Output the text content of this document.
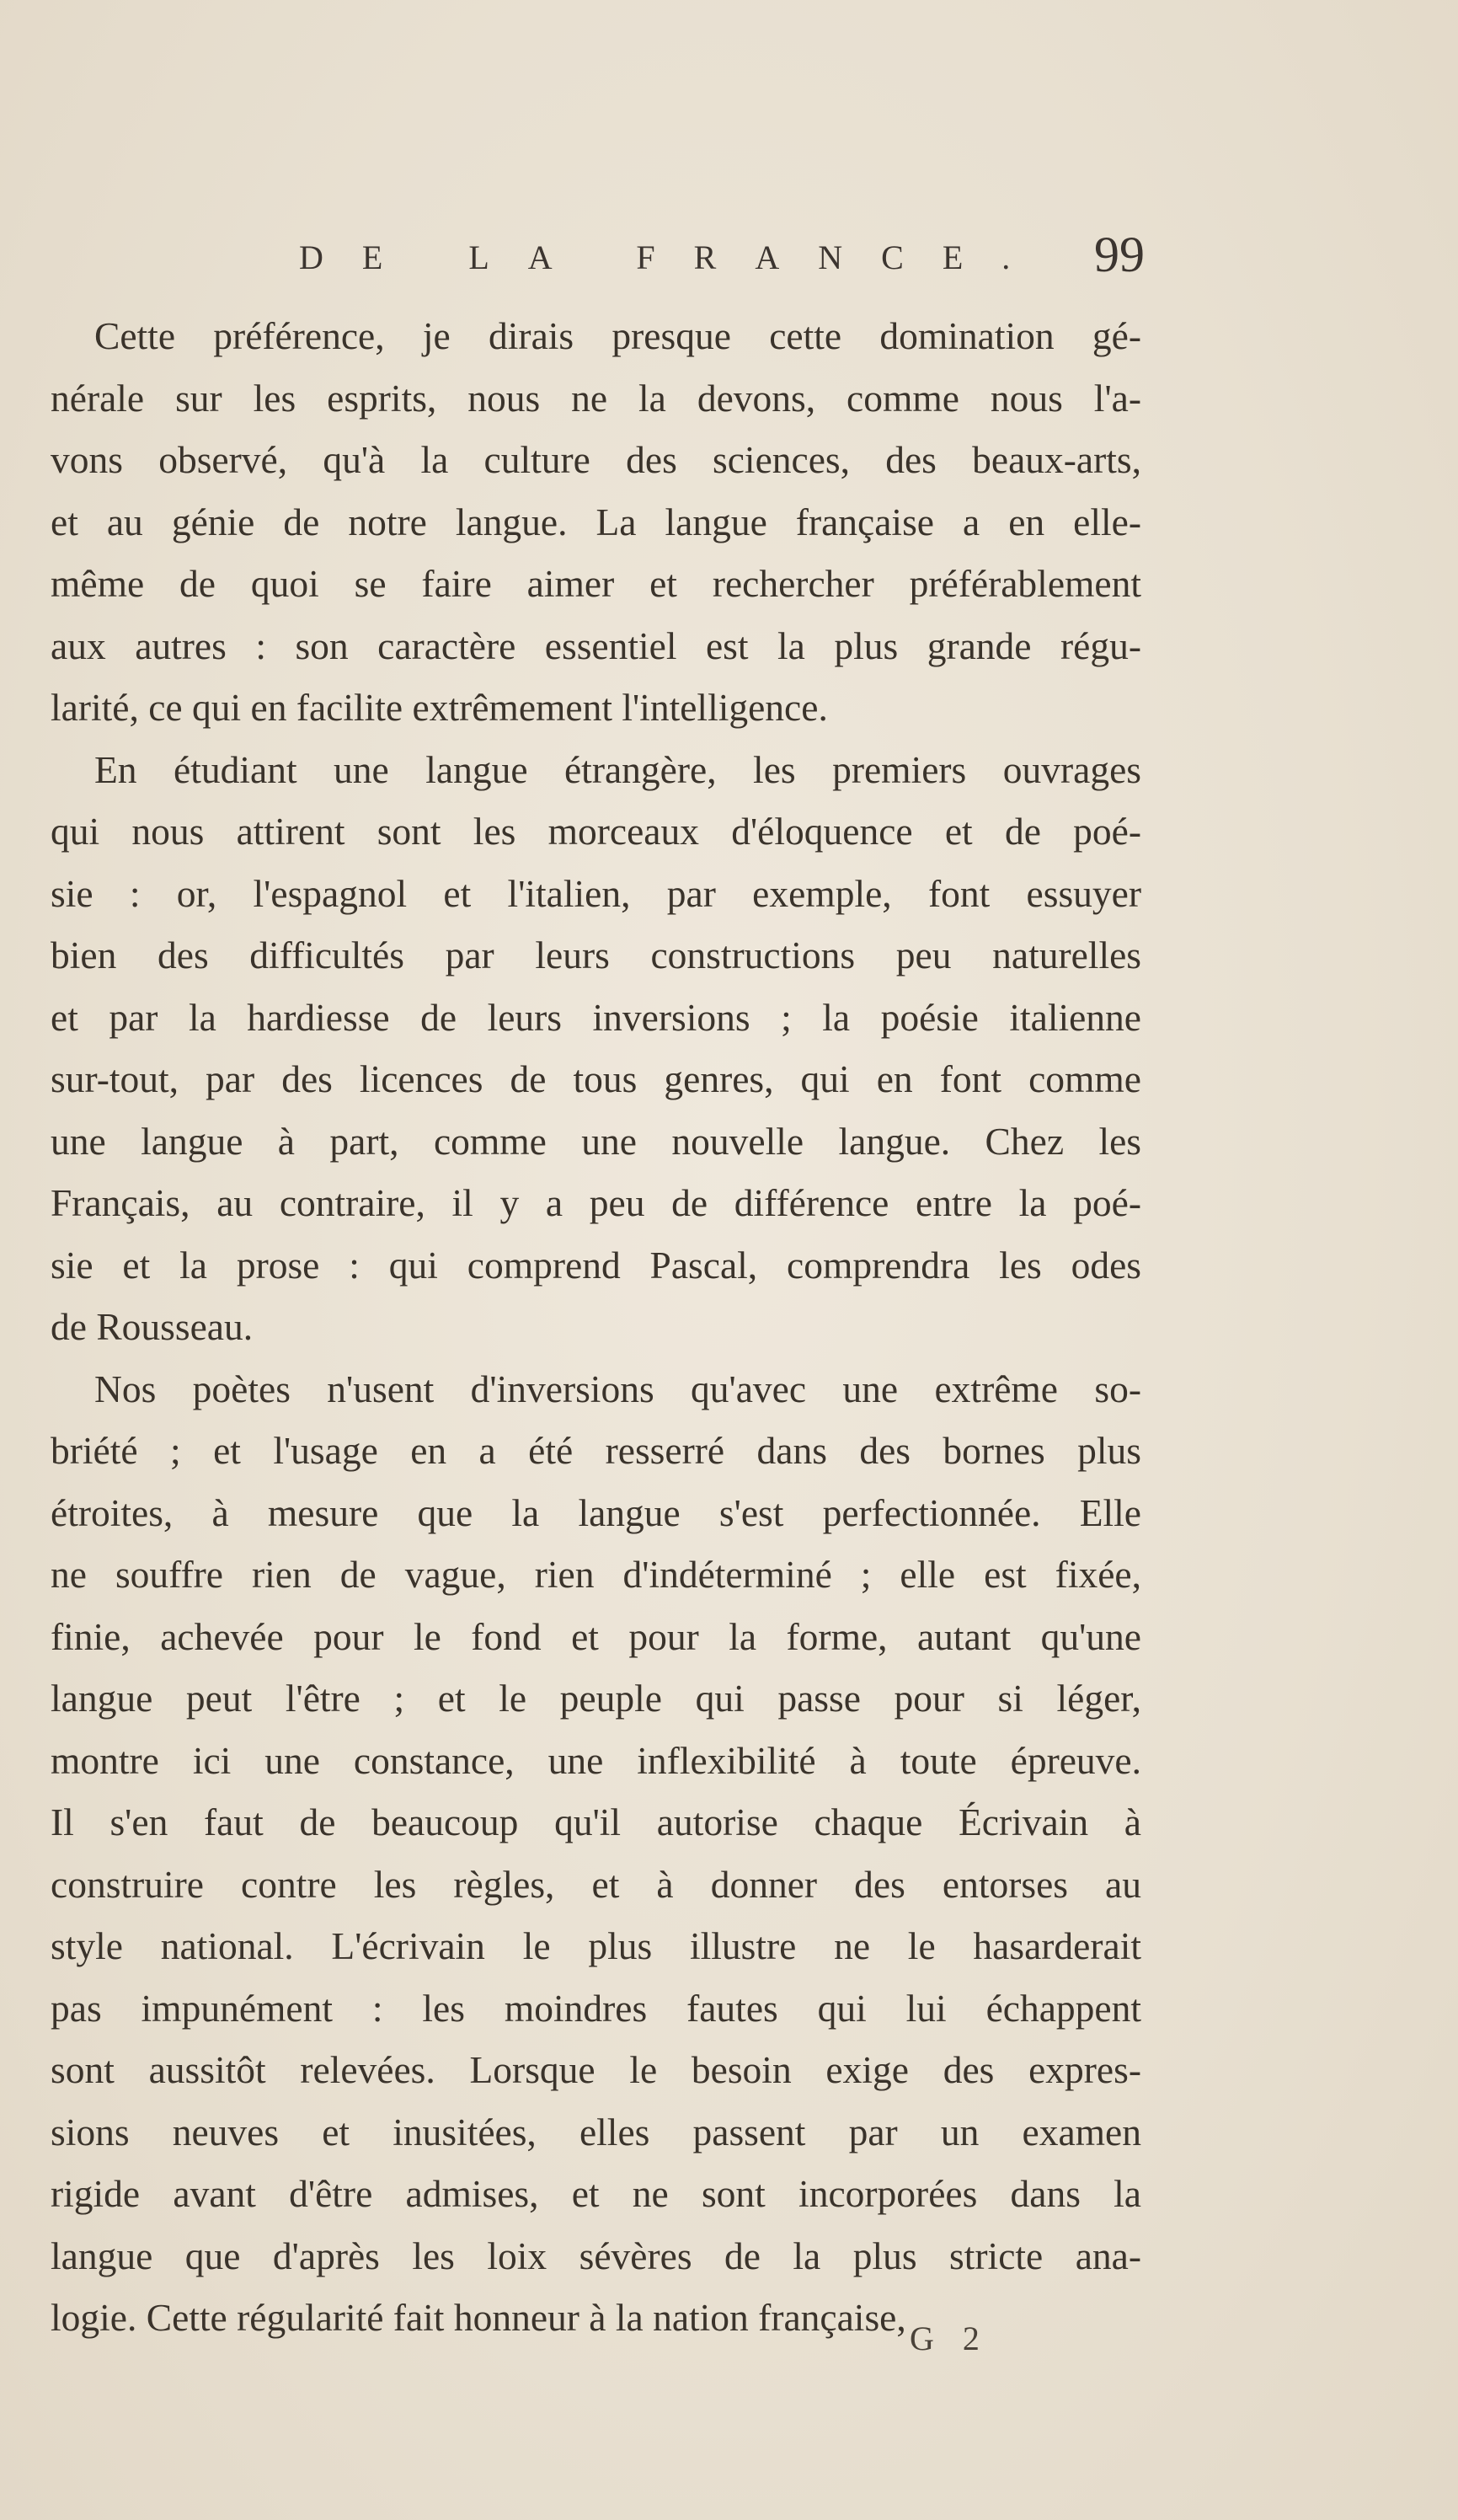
DE LA FRANCE. 99
Cette préférence, je dirais presque cette domination gé-
nérale sur les esprits, nous ne la devons, comme nous l'a-
vons observé, qu'à la culture des sciences, des beaux-arts,
et au génie de notre langue. La langue française a en elle-
même de quoi se faire aimer et rechercher préférablement
aux autres : son caractère essentiel est la plus grande régu-
larité, ce qui en facilite extrêmement l'intelligence.
En étudiant une langue étrangère, les premiers ouvrages
qui nous attirent sont les morceaux d'éloquence et de poé-
sie : or, l'espagnol et l'italien, par exemple, font essuyer
bien des difficultés par leurs constructions peu naturelles
et par la hardiesse de leurs inversions ; la poésie italienne
sur-tout, par des licences de tous genres, qui en font comme
une langue à part, comme une nouvelle langue. Chez les
Français, au contraire, il y a peu de différence entre la poé-
sie et la prose : qui comprend Pascal, comprendra les odes
de Rousseau.
Nos poètes n'usent d'inversions qu'avec une extrême so-
briété ; et l'usage en a été resserré dans des bornes plus
étroites, à mesure que la langue s'est perfectionnée. Elle
ne souffre rien de vague, rien d'indéterminé ; elle est fixée,
finie, achevée pour le fond et pour la forme, autant qu'une
langue peut l'être ; et le peuple qui passe pour si léger,
montre ici une constance, une inflexibilité à toute épreuve.
Il s'en faut de beaucoup qu'il autorise chaque Écrivain à
construire contre les règles, et à donner des entorses au
style national. L'écrivain le plus illustre ne le hasarderait
pas impunément : les moindres fautes qui lui échappent
sont aussitôt relevées. Lorsque le besoin exige des expres-
sions neuves et inusitées, elles passent par un examen
rigide avant d'être admises, et ne sont incorporées dans la
langue que d'après les loix sévères de la plus stricte ana-
logie. Cette régularité fait honneur à la nation française, G 2
